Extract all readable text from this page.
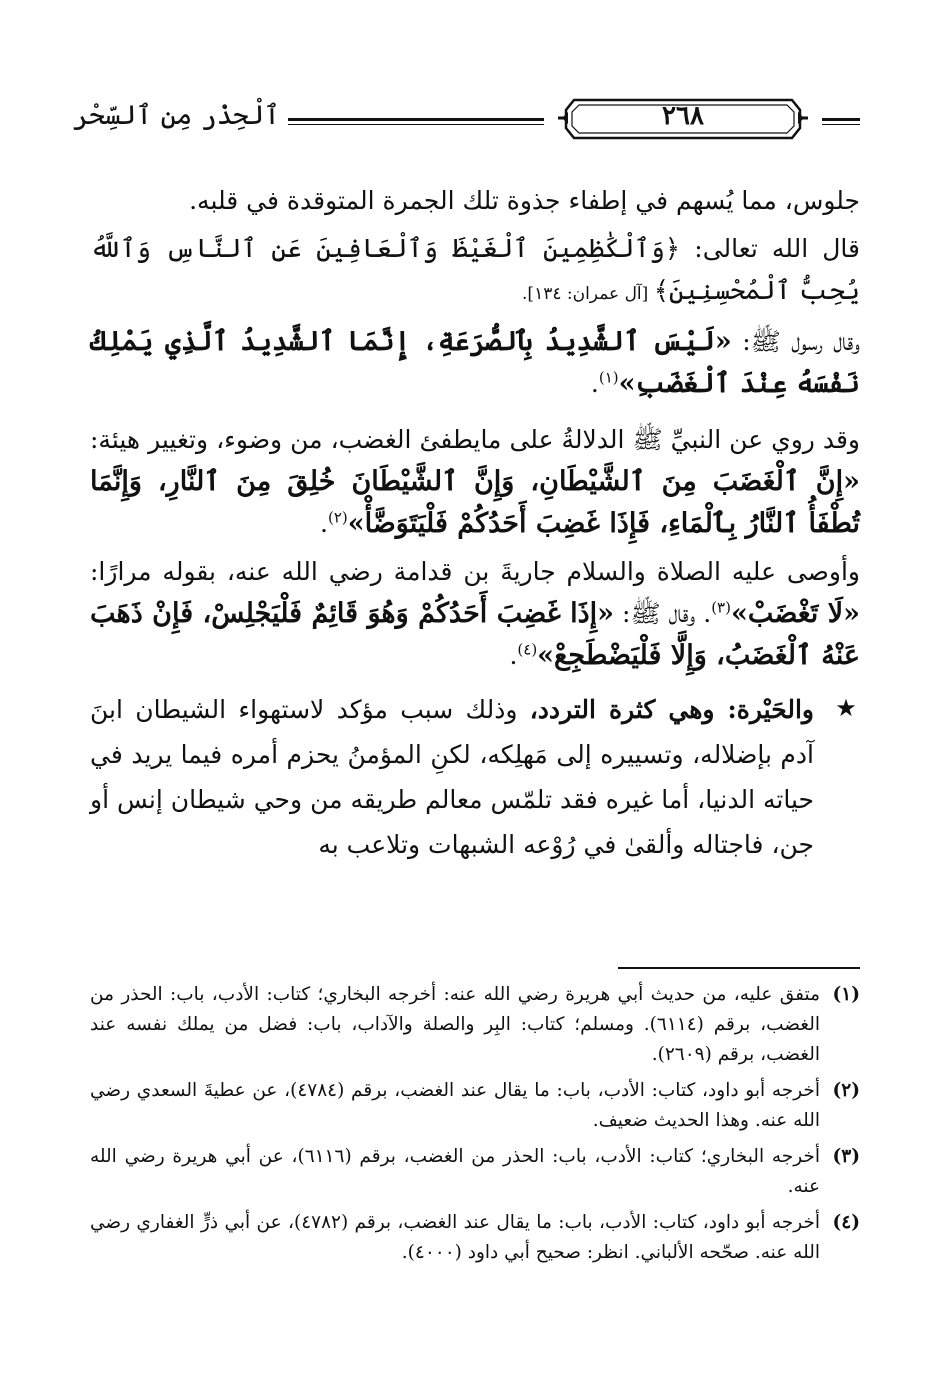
ٱلْحِذْر مِن ٱلسِّحْر	٢٦٨

جلوس، مما يُسهم في إطفاء جذوة تلك الجمرة المتوقدة في قلبه.

قال الله تعالى: ﴿وَٱلْكَٰظِمِينَ ٱلْغَيْظَ وَٱلْعَافِينَ عَنِ ٱلنَّاسِ وَٱللَّهُ يُحِبُّ ٱلْمُحْسِنِينَ﴾ [آل عمران: ١٣٤].

وقال رسول ﷺ: «لَيْسَ ٱلشَّدِيدُ بِٱلصُّرَعَةِ، إِنَّمَا ٱلشَّدِيدُ ٱلَّذِي يَمْلِكُ نَفْسَهُ عِنْدَ ٱلْغَضَبِ»$^{(١)}$.

وقد روي عن النبيِّ ﷺ الدلالةُ على مايطفئ الغضب، من وضوء، وتغيير هيئة: «إِنَّ ٱلْغَضَبَ مِنَ ٱلشَّيْطَانِ، وَإِنَّ ٱلشَّيْطَانَ خُلِقَ مِنَ ٱلنَّارِ، وَإِنَّمَا تُطْفَأُ ٱلنَّارُ بِٱلْمَاءِ، فَإِذَا غَضِبَ أَحَدُكُمْ فَلْيَتَوَضَّأْ»$^{(٢)}$.

وأوصى عليه الصلاة والسلام جاريةَ بن قدامة رضي الله عنه، بقوله مرارًا: «لَا تَغْضَبْ»$^{(٣)}$. وقال ﷺ: «إِذَا غَضِبَ أَحَدُكُمْ وَهُوَ قَائِمٌ فَلْيَجْلِسْ، فَإِنْ ذَهَبَ عَنْهُ ٱلْغَضَبُ، وَإِلَّا فَلْيَضْطَجِعْ»$^{(٤)}$.

★
والحَيْرة: وهي كثرة التردد، وذلك سبب مؤكد لاستهواء الشيطان ابنَ آدم بإضلاله، وتسييره إلى مَهلِكه، لكنِ المؤمنُ يحزم أمره فيما يريد في حياته الدنيا، أما غيره فقد تلمّس معالم طريقه من وحي شيطان إنس أو جن، فاجتاله وألقىٰ في رُوْعه الشبهات وتلاعب به
(١)
متفق عليه، من حديث أبي هريرة رضي الله عنه: أخرجه البخاري؛ كتاب: الأدب، باب: الحذر من الغضب، برقم (٦١١٤). ومسلم؛ كتاب: البِر والصلة والآداب، باب: فضل من يملك نفسه عند الغضب، برقم (٢٦٠٩).
(٢)
أخرجه أبو داود، كتاب: الأدب، باب: ما يقال عند الغضب، برقم (٤٧٨٤)، عن عطيةَ السعدي رضي الله عنه. وهذا الحديث ضعيف.
(٣)
أخرجه البخاري؛ كتاب: الأدب، باب: الحذر من الغضب، برقم (٦١١٦)، عن أبي هريرة رضي الله عنه.
(٤)
أخرجه أبو داود، كتاب: الأدب، باب: ما يقال عند الغضب، برقم (٤٧٨٢)، عن أبي ذرٍّ الغفاري رضي الله عنه. صحّحه الألباني. انظر: صحيح أبي داود (٤٠٠٠).
